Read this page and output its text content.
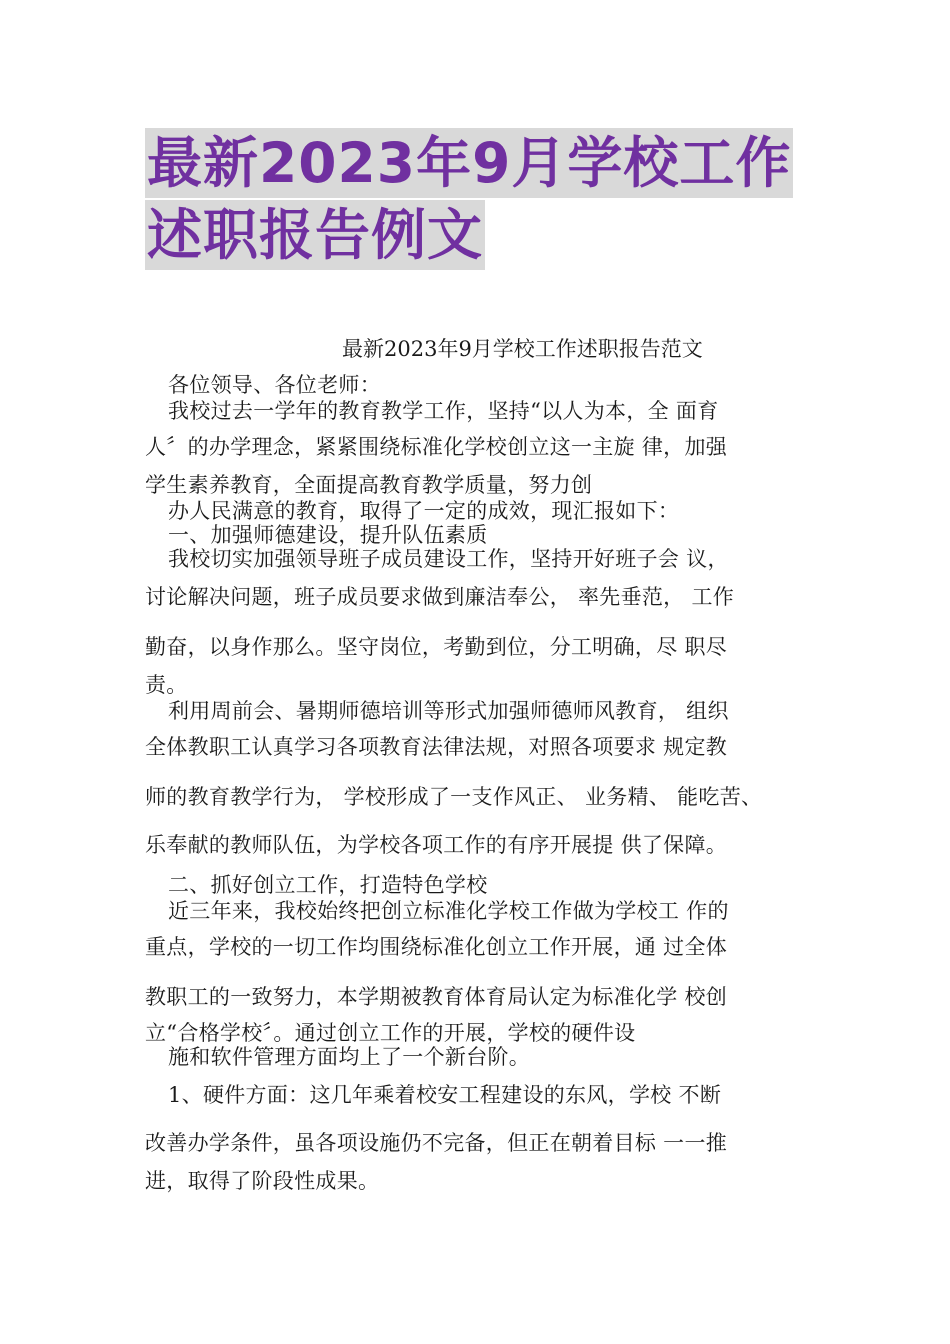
最新2023年9月学校工作
述职报告例文
最新2023年9月学校工作述职报告范文
各位领导、各位老师：
我校过去一学年的教育教学工作，坚持“以人为本，全 面育
人〞的办学理念，紧紧围绕标准化学校创立这一主旋 律，加强
学生素养教育，全面提高教育教学质量，努力创
办人民满意的教育，取得了一定的成效，现汇报如下：
一、加强师德建设，提升队伍素质
我校切实加强领导班子成员建设工作，坚持开好班子会 议，
讨论解决问题，班子成员要求做到廉洁奉公， 率先垂范， 工作
勤奋，以身作那么。坚守岗位，考勤到位，分工明确，尽 职尽
责。
利用周前会、暑期师德培训等形式加强师德师风教育， 组织
全体教职工认真学习各项教育法律法规，对照各项要求 规定教
师的教育教学行为， 学校形成了一支作风正、 业务精、 能吃苦、
乐奉献的教师队伍，为学校各项工作的有序开展提 供了保障。
二、抓好创立工作，打造特色学校
近三年来，我校始终把创立标准化学校工作做为学校工 作的
重点，学校的一切工作均围绕标准化创立工作开展，通 过全体
教职工的一致努力，本学期被教育体育局认定为标准化学 校创
立“合格学校〞。通过创立工作的开展，学校的硬件设
施和软件管理方面均上了一个新台阶。
1、硬件方面：这几年乘着校安工程建设的东风，学校 不断
改善办学条件，虽各项设施仍不完备，但正在朝着目标 一一推
进，取得了阶段性成果。
